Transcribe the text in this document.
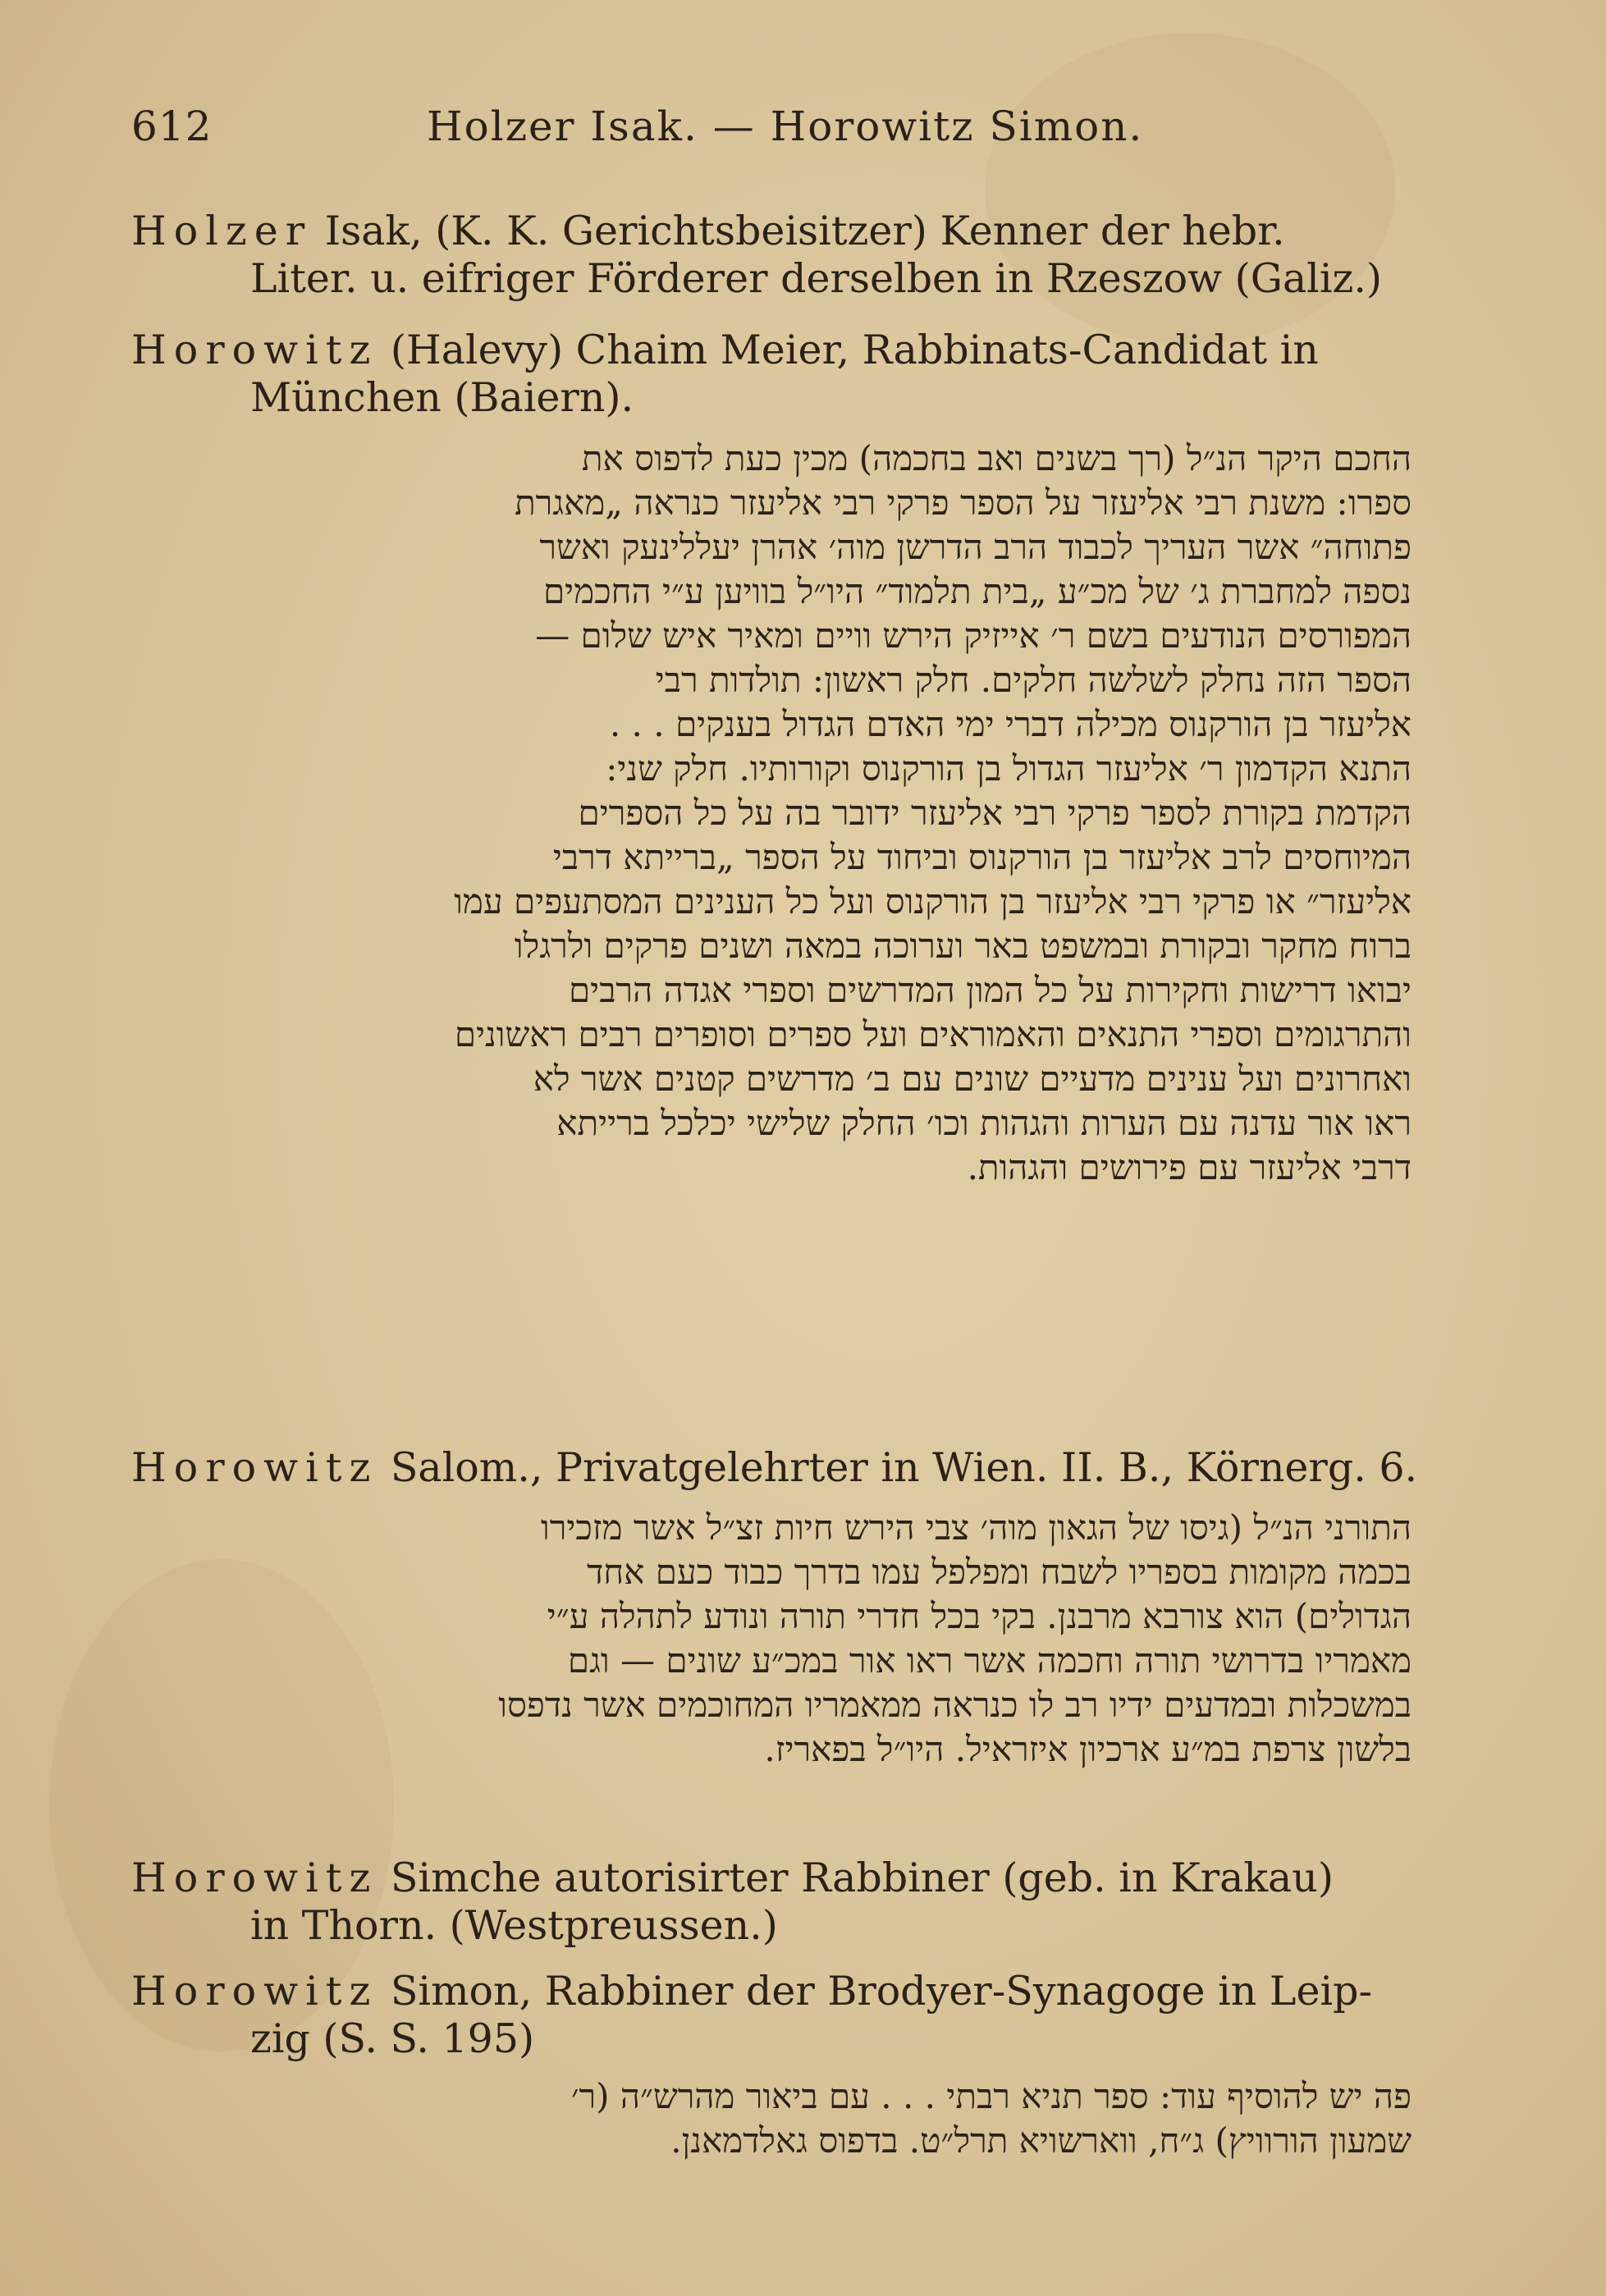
612	Holzer Isak. — Horowitz Simon.
Holzer Isak, (K. K. Gerichtsbeisitzer) Kenner der hebr.
Liter. u. eifriger Förderer derselben in Rzeszow (Galiz.)
Horowitz (Halevy) Chaim Meier, Rabbinats-Candidat in
München (Baiern).
החכם היקר הנ״ל (רך בשנים ואב בחכמה) מכין כעת לדפוס את
ספרו: משנת רבי אליעזר על הספר פרקי רבי אליעזר כנראה „מאגרת
פתוחה״ אשר העריך לכבוד הרב הדרשן מוה׳ אהרן יעללינעק ואשר
נספה למחברת ג׳ של מכ״ע „בית תלמוד״ היו״ל בוויען ע״י החכמים
המפורסים הנודעים בשם ר׳ אייזיק הירש וויים ומאיר איש שלום —
הספר הזה נחלק לשלשה חלקים. חלק ראשון: תולדות רבי
אליעזר בן הורקנוס מכילה דברי ימי האדם הגדול בענקים . . .
התנא הקדמון ר׳ אליעזר הגדול בן הורקנוס וקורותיו. חלק שני:
הקדמת בקורת לספר פרקי רבי אליעזר ידובר בה על כל הספרים
המיוחסים לרב אליעזר בן הורקנוס וביחוד על הספר „ברייתא דרבי
אליעזר״ או פרקי רבי אליעזר בן הורקנוס ועל כל הענינים המסתעפים עמו
ברוח מחקר ובקורת ובמשפט באר וערוכה במאה ושנים פרקים ולרגלו
יבואו דרישות וחקירות על כל המון המדרשים וספרי אגדה הרבים
והתרגומים וספרי התנאים והאמוראים ועל ספרים וסופרים רבים ראשונים
ואחרונים ועל ענינים מדעיים שונים עם ב׳ מדרשים קטנים אשר לא
ראו אור עדנה עם הערות והגהות וכו׳ החלק שלישי יכלכל ברייתא
דרבי אליעזר עם פירושים והגהות.
Horowitz Salom., Privatgelehrter in Wien. II. B., Körnerg. 6.
התורני הנ״ל (גיסו של הגאון מוה׳ צבי הירש חיות זצ״ל אשר מזכירו
בכמה מקומות בספריו לשבח ומפלפל עמו בדרך כבוד כעם אחד
הגדולים) הוא צורבא מרבנן. בקי בכל חדרי תורה ונודע לתהלה ע״י
מאמריו בדרושי תורה וחכמה אשר ראו אור במכ״ע שונים — וגם
במשכלות ובמדעים ידיו רב לו כנראה ממאמריו המחוכמים אשר נדפסו
בלשון צרפת במ״ע ארכיון איזראיל. היו״ל בפאריז.
Horowitz Simche autorisirter Rabbiner (geb. in Krakau)
in Thorn. (Westpreussen.)
Horowitz Simon, Rabbiner der Brodyer-Synagoge in Leip-
zig (S. S. 195)
פה יש להוסיף עוד: ספר תניא רבתי . . . עם ביאור מהרש״ה (ר׳
שמעון הורוויץ) ג״ח, ווארשויא תרל״ט. בדפוס גאלדמאנן.
